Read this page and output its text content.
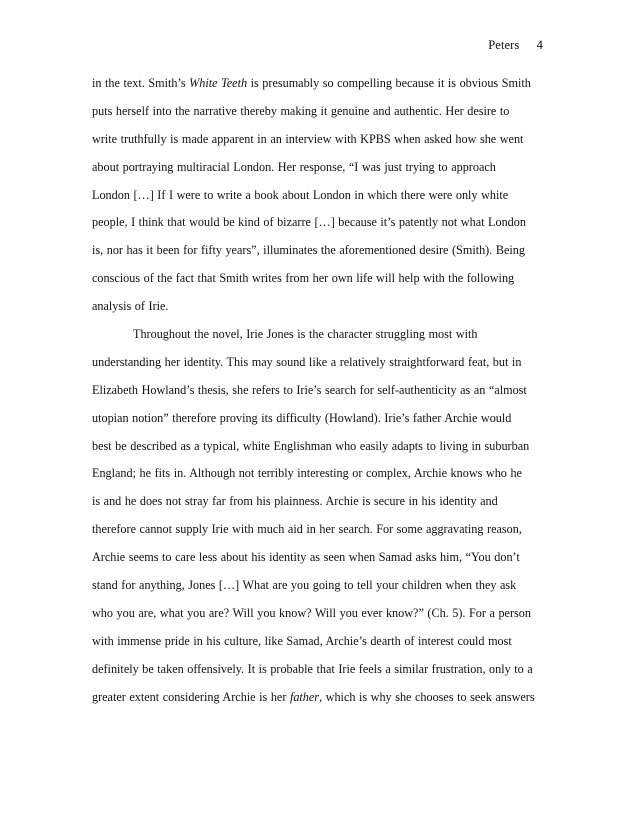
Peters 4
in the text. Smith’s White Teeth is presumably so compelling because it is obvious Smith
puts herself into the narrative thereby making it genuine and authentic. Her desire to
write truthfully is made apparent in an interview with KPBS when asked how she went
about portraying multiracial London. Her response, “I was just trying to approach
London […] If I were to write a book about London in which there were only white
people, I think that would be kind of bizarre […] because it’s patently not what London
is, nor has it been for fifty years”, illuminates the aforementioned desire (Smith). Being
conscious of the fact that Smith writes from her own life will help with the following
analysis of Irie.
Throughout the novel, Irie Jones is the character struggling most with
understanding her identity. This may sound like a relatively straightforward feat, but in
Elizabeth Howland’s thesis, she refers to Irie’s search for self-authenticity as an “almost
utopian notion” therefore proving its difficulty (Howland). Irie’s father Archie would
best be described as a typical, white Englishman who easily adapts to living in suburban
England; he fits in. Although not terribly interesting or complex, Archie knows who he
is and he does not stray far from his plainness. Archie is secure in his identity and
therefore cannot supply Irie with much aid in her search. For some aggravating reason,
Archie seems to care less about his identity as seen when Samad asks him, “You don’t
stand for anything, Jones […] What are you going to tell your children when they ask
who you are, what you are? Will you know? Will you ever know?” (Ch. 5). For a person
with immense pride in his culture, like Samad, Archie’s dearth of interest could most
definitely be taken offensively. It is probable that Irie feels a similar frustration, only to a
greater extent considering Archie is her father, which is why she chooses to seek answers
